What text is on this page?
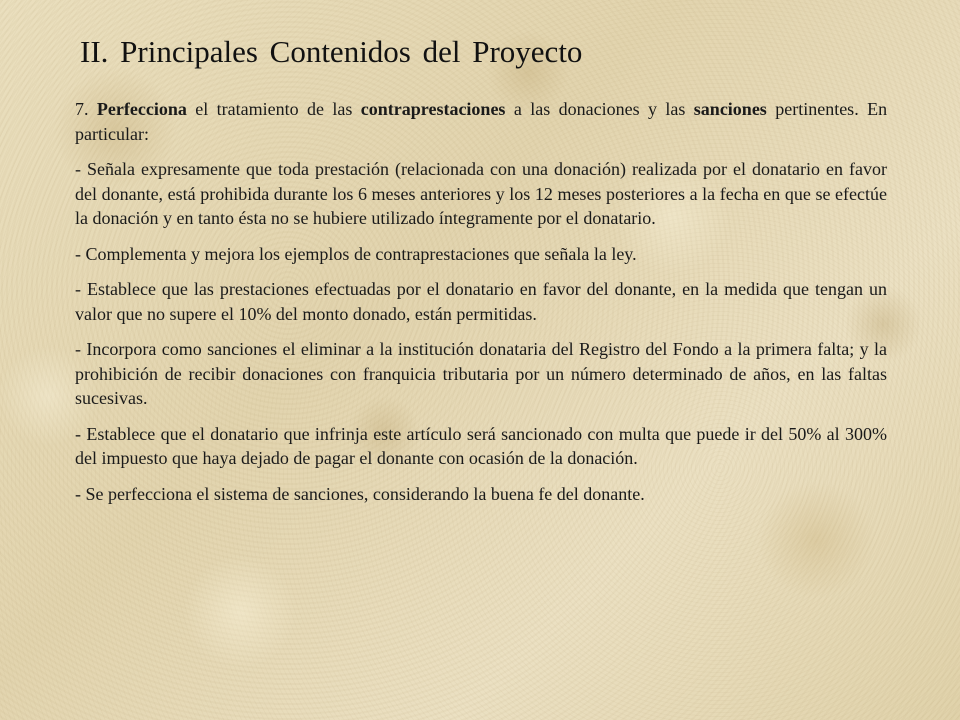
II. Principales Contenidos del Proyecto

7. Perfecciona el tratamiento de las contraprestaciones a las donaciones y las sanciones pertinentes. En particular:

- Señala expresamente que toda prestación (relacionada con una donación) realizada por el donatario en favor del donante, está prohibida durante los 6 meses anteriores y los 12 meses posteriores a la fecha en que se efectúe la donación y en tanto ésta no se hubiere utilizado íntegramente por el donatario.

- Complementa y mejora los ejemplos de contraprestaciones que señala la ley.

- Establece que las prestaciones efectuadas por el donatario en favor del donante, en la medida que tengan un valor que no supere el 10% del monto donado, están permitidas.

- Incorpora como sanciones el eliminar a la institución donataria del Registro del Fondo a la primera falta; y la prohibición de recibir donaciones con franquicia tributaria por un número determinado de años, en las faltas sucesivas.

- Establece que el donatario que infrinja este artículo será sancionado con multa que puede ir del 50% al 300% del impuesto que haya dejado de pagar el donante con ocasión de la donación.

- Se perfecciona el sistema de sanciones, considerando la buena fe del donante.
